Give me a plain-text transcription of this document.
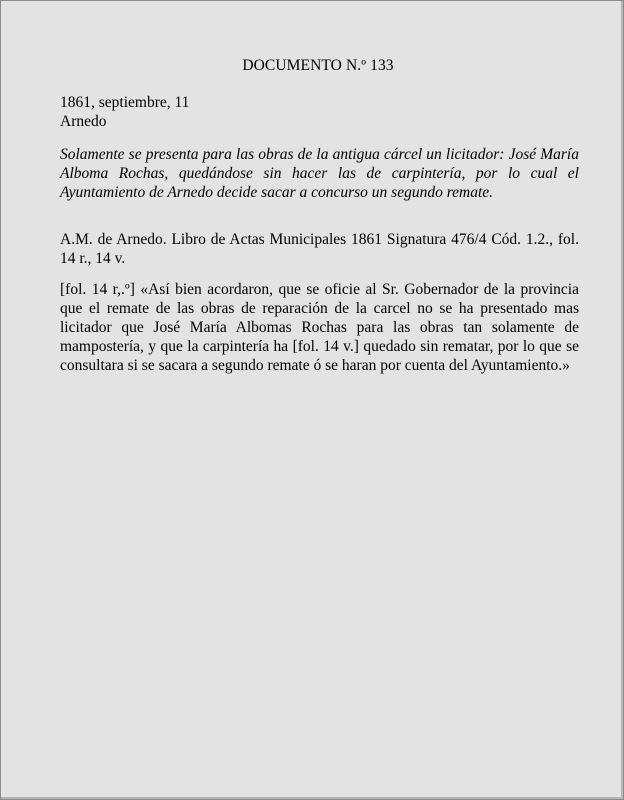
DOCUMENTO N.º 133
1861, septiembre, 11
Arnedo
Solamente se presenta para las obras de la antigua cárcel un licitador: José María Alboma Rochas, quedándose sin hacer las de carpintería, por lo cual el Ayuntamiento de Arnedo decide sacar a concurso un segundo remate.
A.M. de Arnedo. Libro de Actas Municipales 1861 Signatura 476/4 Cód. 1.2., fol. 14 r., 14 v.
[fol. 14 r,.º] «Así bien acordaron, que se oficie al Sr. Gobernador de la provincia que el remate de las obras de reparación de la carcel no se ha presentado mas licitador que José María Albomas Rochas para las obras tan solamente de mampostería, y que la carpintería ha [fol. 14 v.] quedado sin rematar, por lo que se consultara si se sacara a segundo remate ó se haran por cuenta del Ayuntamiento.»
